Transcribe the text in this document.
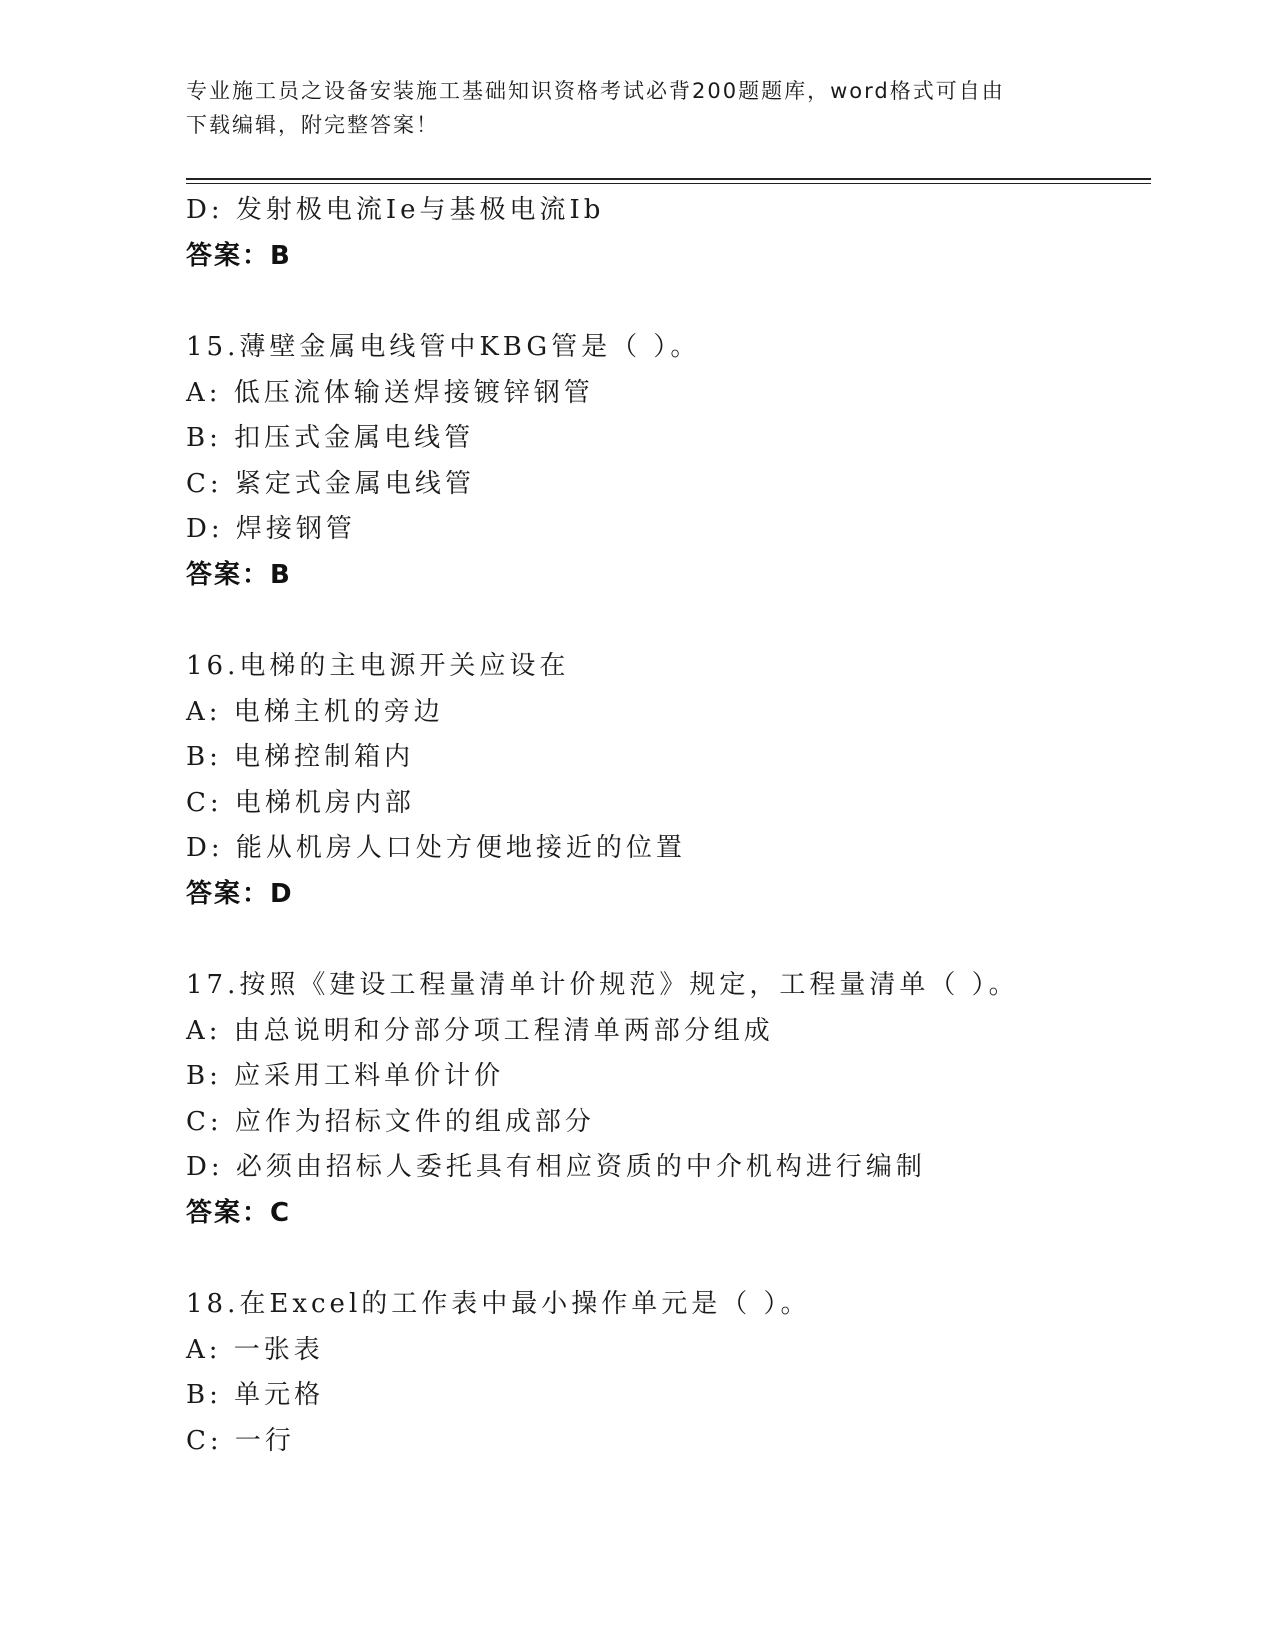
专业施工员之设备安装施工基础知识资格考试必背200题题库，word格式可自由
下载编辑，附完整答案！
D: 发射极电流Ie与基极电流Ib
答案：B
15.薄壁金属电线管中KBG管是（ ）。
A: 低压流体输送焊接镀锌钢管
B: 扣压式金属电线管
C: 紧定式金属电线管
D: 焊接钢管
答案：B
16.电梯的主电源开关应设在
A: 电梯主机的旁边
B: 电梯控制箱内
C: 电梯机房内部
D: 能从机房人口处方便地接近的位置
答案：D
17.按照《建设工程量清单计价规范》规定，工程量清单（ ）。
A: 由总说明和分部分项工程清单两部分组成
B: 应采用工料单价计价
C: 应作为招标文件的组成部分
D: 必须由招标人委托具有相应资质的中介机构进行编制
答案：C
18.在Excel的工作表中最小操作单元是（ ）。
A: 一张表
B: 单元格
C: 一行
